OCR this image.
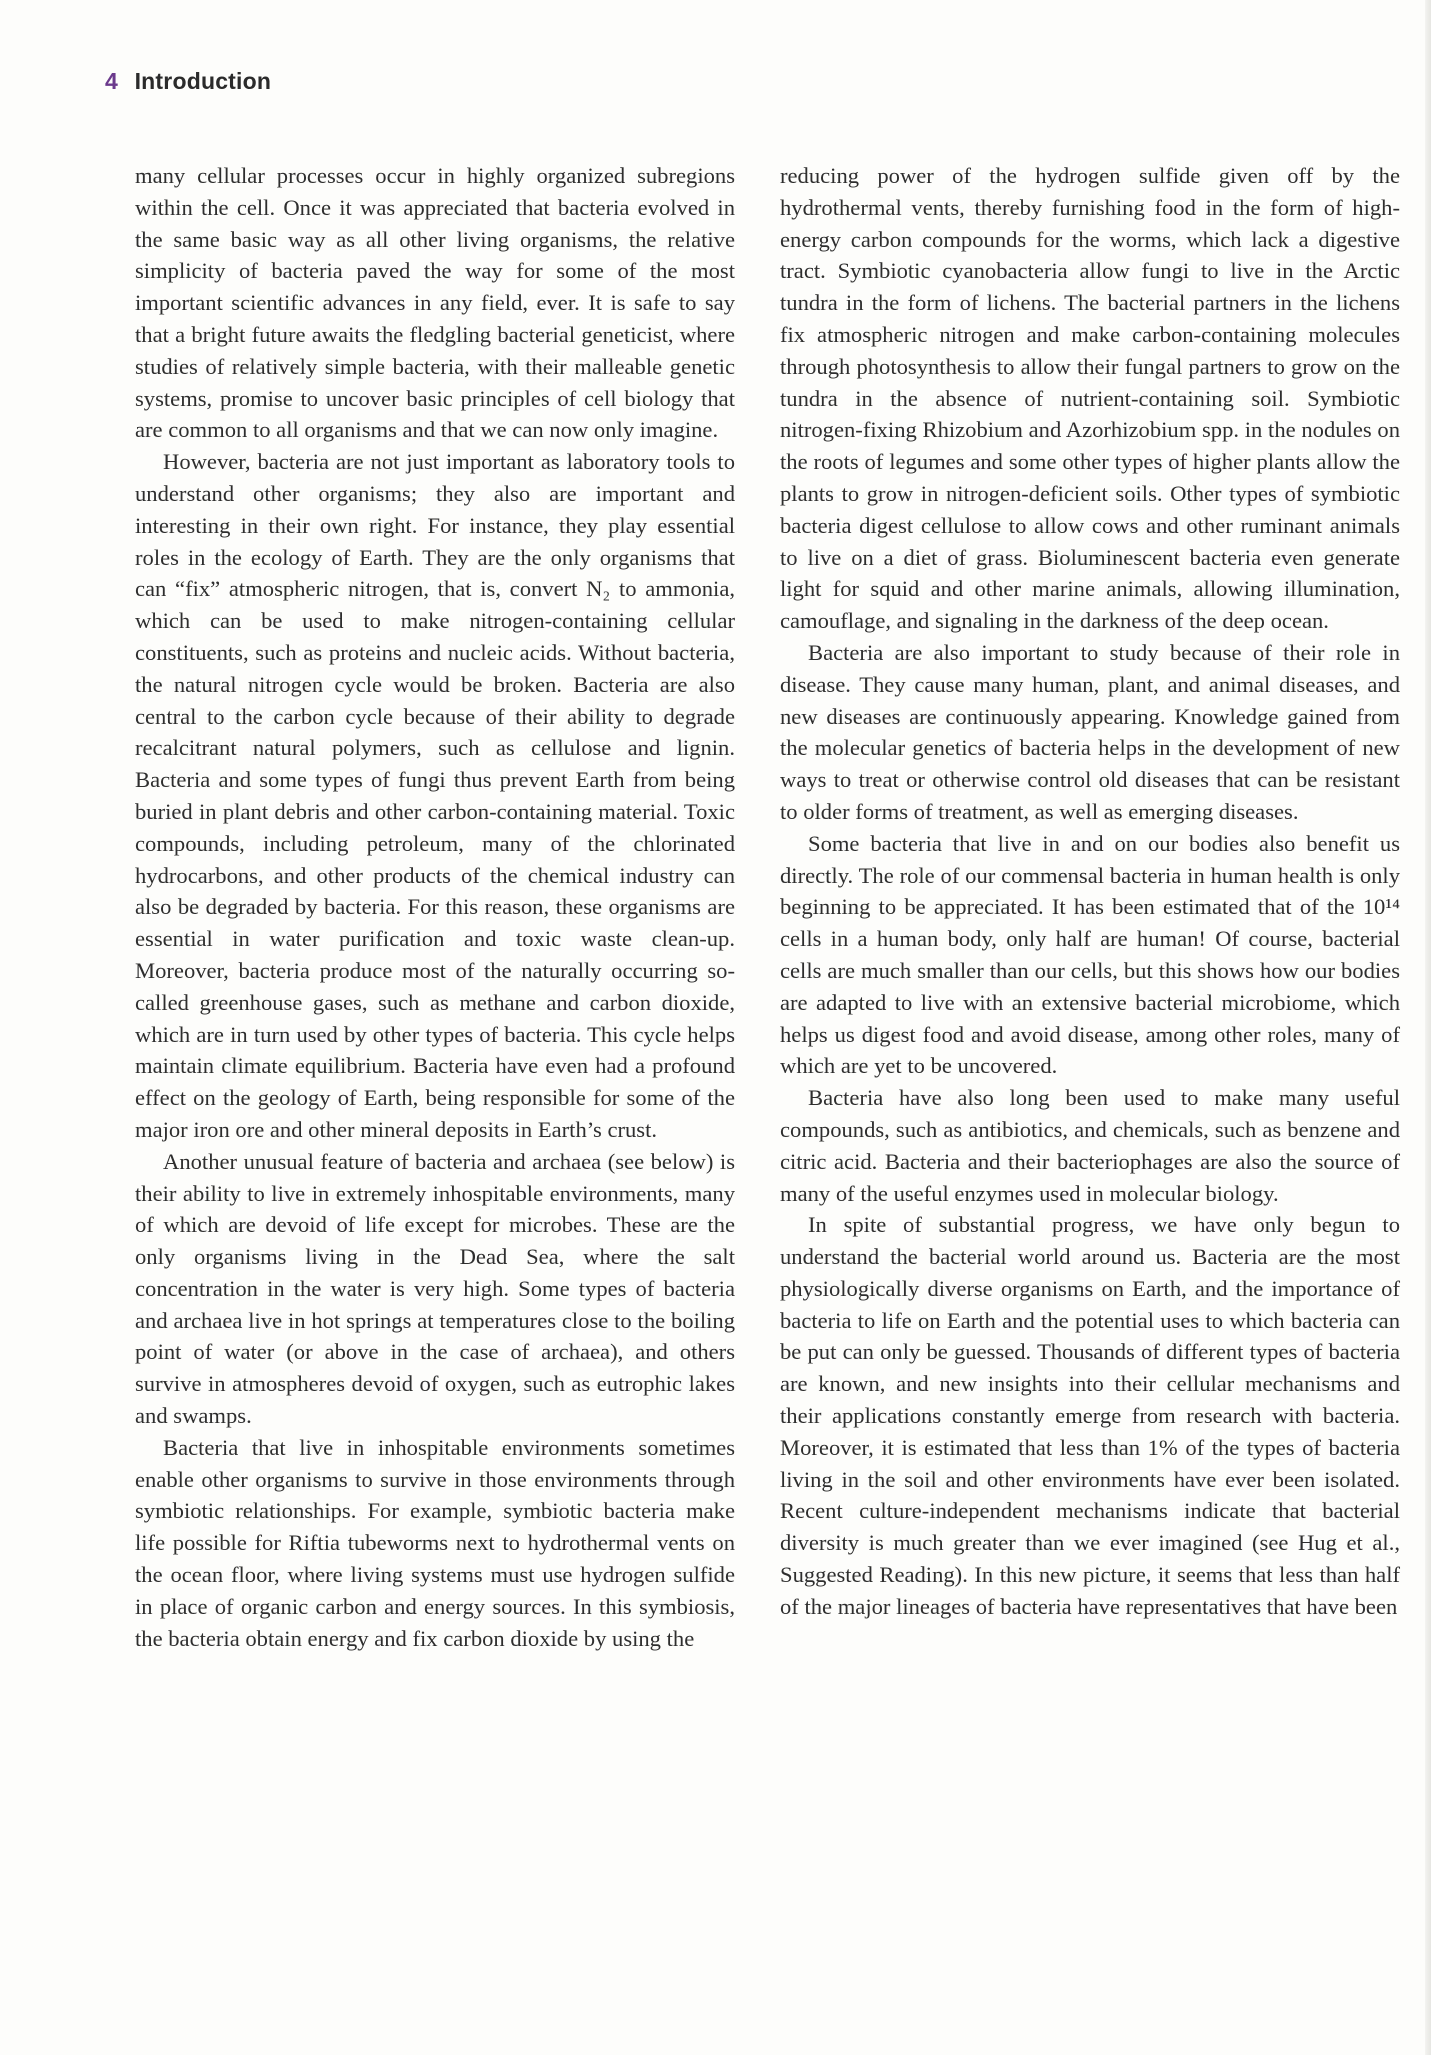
4 Introduction

many cellular processes occur in highly organized subregions within the cell. Once it was appreciated that bacteria evolved in the same basic way as all other living organisms, the relative simplicity of bacteria paved the way for some of the most important scientific advances in any field, ever. It is safe to say that a bright future awaits the fledgling bacterial geneticist, where studies of relatively simple bacteria, with their malleable genetic systems, promise to uncover basic principles of cell biology that are common to all organisms and that we can now only imagine.

However, bacteria are not just important as laboratory tools to understand other organisms; they also are important and interesting in their own right. For instance, they play essential roles in the ecology of Earth. They are the only organisms that can “fix” atmospheric nitrogen, that is, convert N₂ to ammonia, which can be used to make nitrogen-containing cellular constituents, such as proteins and nucleic acids. Without bacteria, the natural nitrogen cycle would be broken. Bacteria are also central to the carbon cycle because of their ability to degrade recalcitrant natural polymers, such as cellulose and lignin. Bacteria and some types of fungi thus prevent Earth from being buried in plant debris and other carbon-containing material. Toxic compounds, including petroleum, many of the chlorinated hydrocarbons, and other products of the chemical industry can also be degraded by bacteria. For this reason, these organisms are essential in water purification and toxic waste clean-up. Moreover, bacteria produce most of the naturally occurring so-called greenhouse gases, such as methane and carbon dioxide, which are in turn used by other types of bacteria. This cycle helps maintain climate equilibrium. Bacteria have even had a profound effect on the geology of Earth, being responsible for some of the major iron ore and other mineral deposits in Earth’s crust.

Another unusual feature of bacteria and archaea (see below) is their ability to live in extremely inhospitable environments, many of which are devoid of life except for microbes. These are the only organisms living in the Dead Sea, where the salt concentration in the water is very high. Some types of bacteria and archaea live in hot springs at temperatures close to the boiling point of water (or above in the case of archaea), and others survive in atmospheres devoid of oxygen, such as eutrophic lakes and swamps.

Bacteria that live in inhospitable environments sometimes enable other organisms to survive in those environments through symbiotic relationships. For example, symbiotic bacteria make life possible for Riftia tubeworms next to hydrothermal vents on the ocean floor, where living systems must use hydrogen sulfide in place of organic carbon and energy sources. In this symbiosis, the bacteria obtain energy and fix carbon dioxide by using the

reducing power of the hydrogen sulfide given off by the hydrothermal vents, thereby furnishing food in the form of high-energy carbon compounds for the worms, which lack a digestive tract. Symbiotic cyanobacteria allow fungi to live in the Arctic tundra in the form of lichens. The bacterial partners in the lichens fix atmospheric nitrogen and make carbon-containing molecules through photosynthesis to allow their fungal partners to grow on the tundra in the absence of nutrient-containing soil. Symbiotic nitrogen-fixing Rhizobium and Azorhizobium spp. in the nodules on the roots of legumes and some other types of higher plants allow the plants to grow in nitrogen-deficient soils. Other types of symbiotic bacteria digest cellulose to allow cows and other ruminant animals to live on a diet of grass. Bioluminescent bacteria even generate light for squid and other marine animals, allowing illumination, camouflage, and signaling in the darkness of the deep ocean.

Bacteria are also important to study because of their role in disease. They cause many human, plant, and animal diseases, and new diseases are continuously appearing. Knowledge gained from the molecular genetics of bacteria helps in the development of new ways to treat or otherwise control old diseases that can be resistant to older forms of treatment, as well as emerging diseases.

Some bacteria that live in and on our bodies also benefit us directly. The role of our commensal bacteria in human health is only beginning to be appreciated. It has been estimated that of the 10¹⁴ cells in a human body, only half are human! Of course, bacterial cells are much smaller than our cells, but this shows how our bodies are adapted to live with an extensive bacterial microbiome, which helps us digest food and avoid disease, among other roles, many of which are yet to be uncovered.

Bacteria have also long been used to make many useful compounds, such as antibiotics, and chemicals, such as benzene and citric acid. Bacteria and their bacteriophages are also the source of many of the useful enzymes used in molecular biology.

In spite of substantial progress, we have only begun to understand the bacterial world around us. Bacteria are the most physiologically diverse organisms on Earth, and the importance of bacteria to life on Earth and the potential uses to which bacteria can be put can only be guessed. Thousands of different types of bacteria are known, and new insights into their cellular mechanisms and their applications constantly emerge from research with bacteria. Moreover, it is estimated that less than 1% of the types of bacteria living in the soil and other environments have ever been isolated. Recent culture-independent mechanisms indicate that bacterial diversity is much greater than we ever imagined (see Hug et al., Suggested Reading). In this new picture, it seems that less than half of the major lineages of bacteria have representatives that have been
